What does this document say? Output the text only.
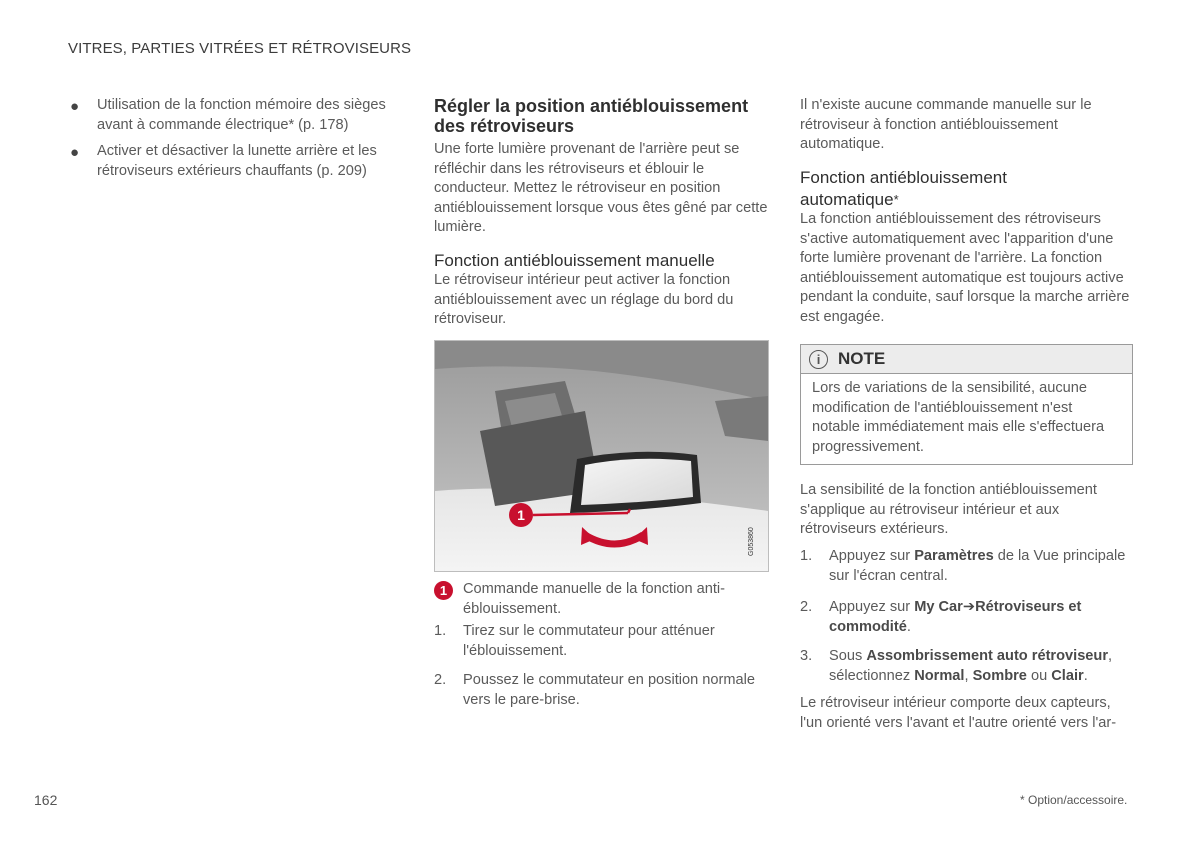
VITRES, PARTIES VITRÉES ET RÉTROVISEURS
● Utilisation de la fonction mémoire des sièges avant à commande électrique* (p. 178)
● Activer et désactiver la lunette arrière et les rétroviseurs extérieurs chauffants (p. 209)
Régler la position antiéblouissement des rétroviseurs
Une forte lumière provenant de l'arrière peut se réfléchir dans les rétroviseurs et éblouir le conducteur. Mettez le rétroviseur en position antiéblouissement lorsque vous êtes gêné par cette lumière.
Fonction antiéblouissement manuelle
Le rétroviseur intérieur peut activer la fonction antiéblouissement avec un réglage du bord du rétroviseur.
1
G053860
1	Commande manuelle de la fonction anti-éblouissement.
1.	Tirez sur le commutateur pour atténuer l'éblouissement.
2.	Poussez le commutateur en position normale vers le pare-brise.
Il n'existe aucune commande manuelle sur le rétroviseur à fonction antiéblouissement automatique.
Fonction antiéblouissement automatique*
La fonction antiéblouissement des rétroviseurs s'active automatiquement avec l'apparition d'une forte lumière provenant de l'arrière. La fonction antiéblouissement automatique est toujours active pendant la conduite, sauf lorsque la marche arrière est engagée.
i	NOTE
Lors de variations de la sensibilité, aucune modification de l'antiéblouissement n'est notable immédiatement mais elle s'effectuera progressivement.
La sensibilité de la fonction antiéblouissement s'applique au rétroviseur intérieur et aux rétroviseurs extérieurs.
1.	Appuyez sur Paramètres de la Vue principale sur l'écran central.
2.	Appuyez sur My Car➔Rétroviseurs et commodité.
3.	Sous Assombrissement auto rétroviseur, sélectionnez Normal, Sombre ou Clair.
Le rétroviseur intérieur comporte deux capteurs, l'un orienté vers l'avant et l'autre orienté vers l'ar-
162	* Option/accessoire.
